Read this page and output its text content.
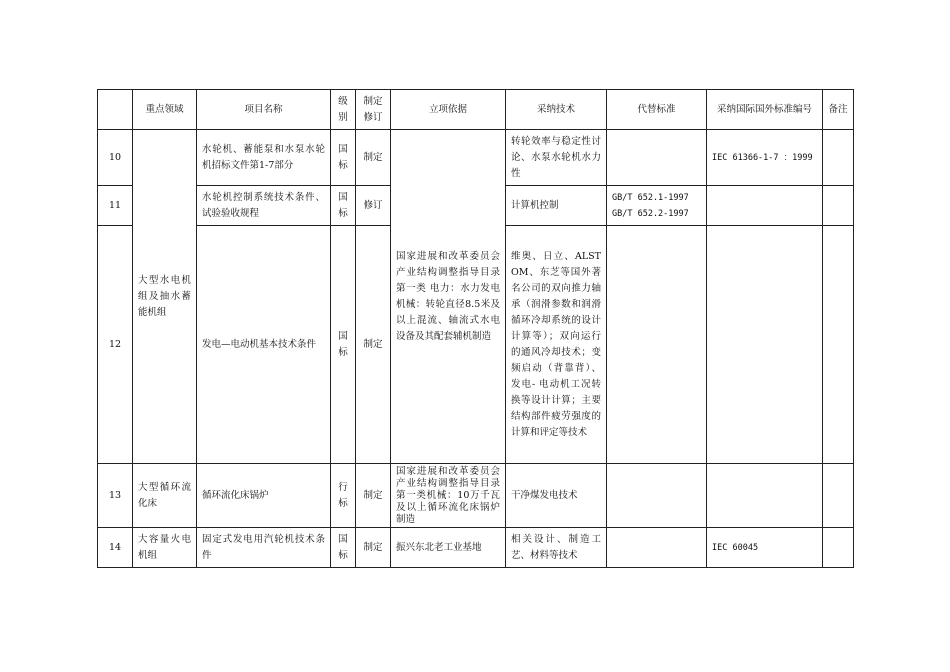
	重点领域	项目名称	级别	制定修订	立项依据	采纳技术	代替标准	采纳国际国外标准编号	备注
10	大型水电机组及抽水蓄能机组	水轮机、蓄能泵和水泵水轮机招标文件第1-7部分	国标	制定	国家进展和改革委员会产业结构调整指导目录 第一类 电力：水力发电 机械：转轮直径8.5米及以上混流、轴流式水电设备及其配套辅机制造	转轮效率与稳定性讨论、水泵水轮机水力性		IEC 61366-1-7 ：1999	
11		水轮机控制系统技术条件、试验验收规程	国标	修订		计算机控制	GB/T 652.1-1997
GB/T 652.2-1997		

12		发电—电动机基本技术条件	国标	制定		维奥、日立、ALSTOM、东芝等国外著名公司的双向推力轴承（润滑参数和润滑循环冷却系统的设计计算等）；双向运行的通风冷却技术；变频启动（背靠背）、发电- 电动机工况转换等设计计算；主要结构部件疲劳强度的计算和评定等技术			
13	大型循环流化床	循环流化床锅炉	行标	制定	国家进展和改革委员会产业结构调整指导目录 第一类机械：10万千瓦及以上循环流化床锅炉制造	干净煤发电技术			
14	大容量火电机组	固定式发电用汽轮机技术条件	国标	制定	振兴东北老工业基地	相关设计、制造工艺、材料等技术		IEC 60045	
